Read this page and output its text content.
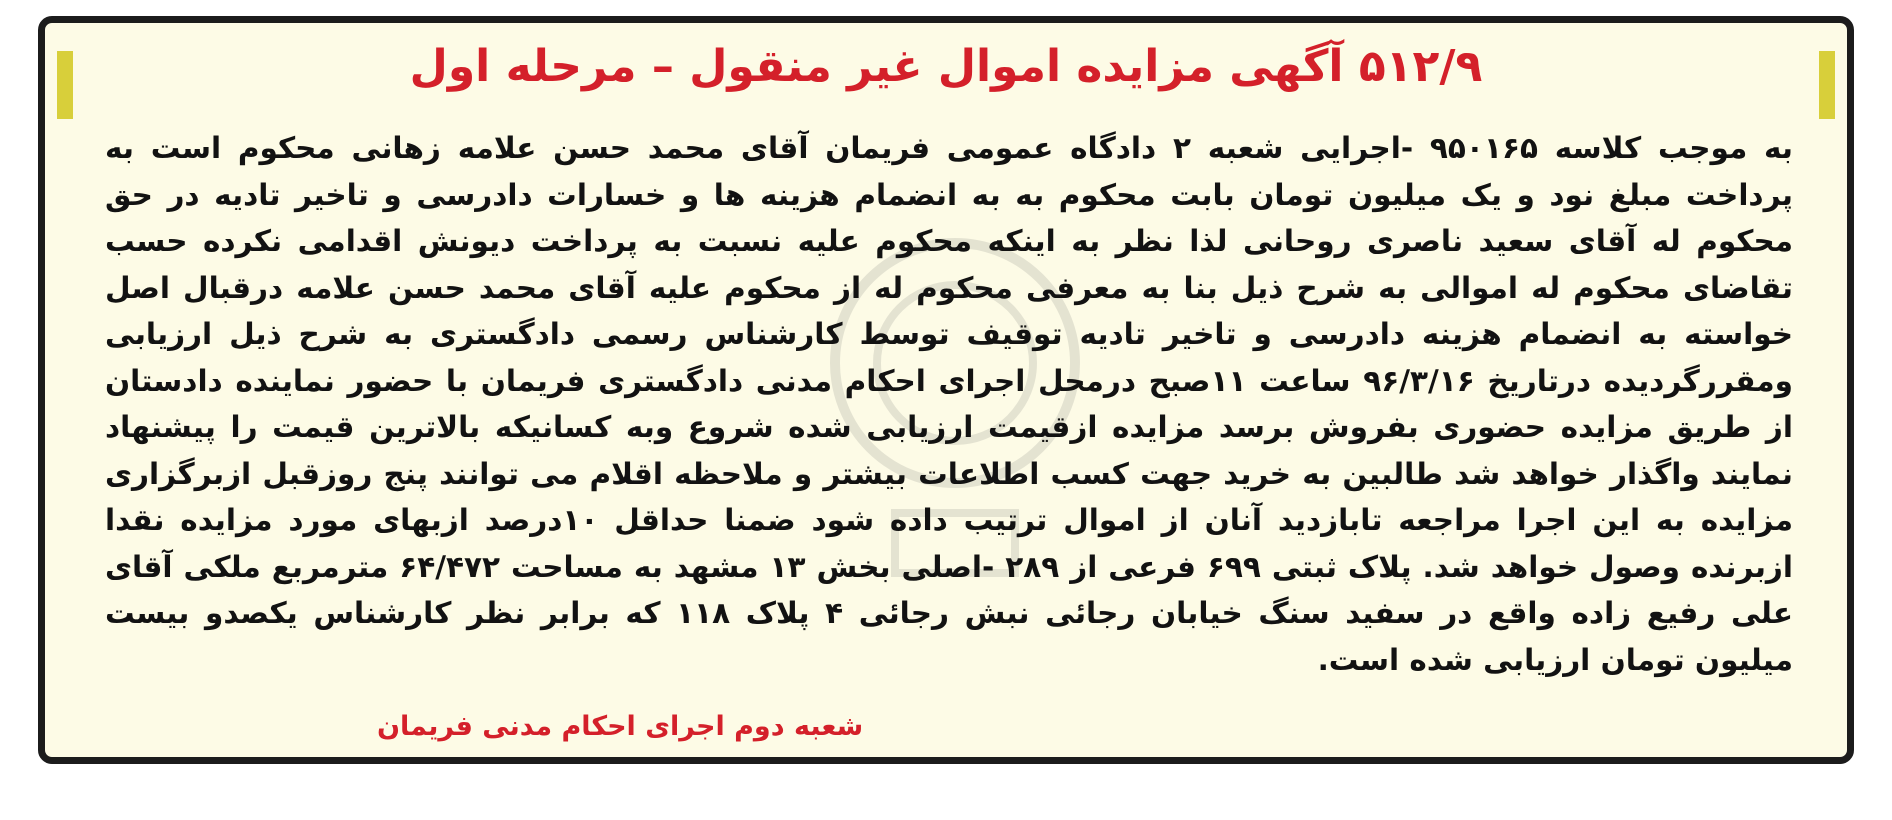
۵۱۲/۹ آگهی مزایده اموال غیر منقول – مرحله اول
به موجب کلاسه ۹۵۰۱۶۵ -اجرایی شعبه ۲ دادگاه عمومی فریمان آقای محمد حسن علامه زهانی محکوم است به پرداخت مبلغ نود و یک میلیون تومان بابت محکوم به به انضمام هزینه ها و خسارات دادرسی و تاخیر تادیه در حق محکوم له آقای سعید ناصری روحانی لذا نظر به اینکه محکوم علیه نسبت به پرداخت دیونش اقدامی نکرده حسب تقاضای محکوم له اموالی به شرح ذیل بنا به معرفی محکوم له از محکوم علیه آقای محمد حسن علامه درقبال اصل خواسته به انضمام هزینه دادرسی و تاخیر تادیه توقیف توسط کارشناس رسمی دادگستری به شرح ذیل ارزیابی ومقررگردیده درتاریخ ۹۶/۳/۱۶ ساعت ۱۱صبح درمحل اجرای احکام مدنی دادگستری فریمان با حضور نماینده دادستان از طریق مزایده حضوری بفروش برسد مزایده ازقیمت ارزیابی شده شروع وبه کسانیکه بالاترین قیمت را پیشنهاد نمایند واگذار خواهد شد طالبین به خرید جهت کسب اطلاعات بیشتر و ملاحظه اقلام می توانند پنج روزقبل ازبرگزاری مزایده به این اجرا مراجعه تابازدید آنان از اموال ترتیب داده شود ضمنا حداقل ۱۰درصد ازبهای مورد مزایده نقدا ازبرنده وصول خواهد شد. پلاک ثبتی ۶۹۹ فرعی از ۲۸۹ -اصلی بخش ۱۳ مشهد به مساحت ۶۴/۴۷۲ مترمربع ملکی آقای علی رفیع زاده واقع در سفید سنگ خیابان رجائی نبش رجائی ۴ پلاک ۱۱۸ که برابر نظر کارشناس یکصدو بیست میلیون تومان ارزیابی شده است.
شعبه دوم اجرای احکام مدنی فریمان
